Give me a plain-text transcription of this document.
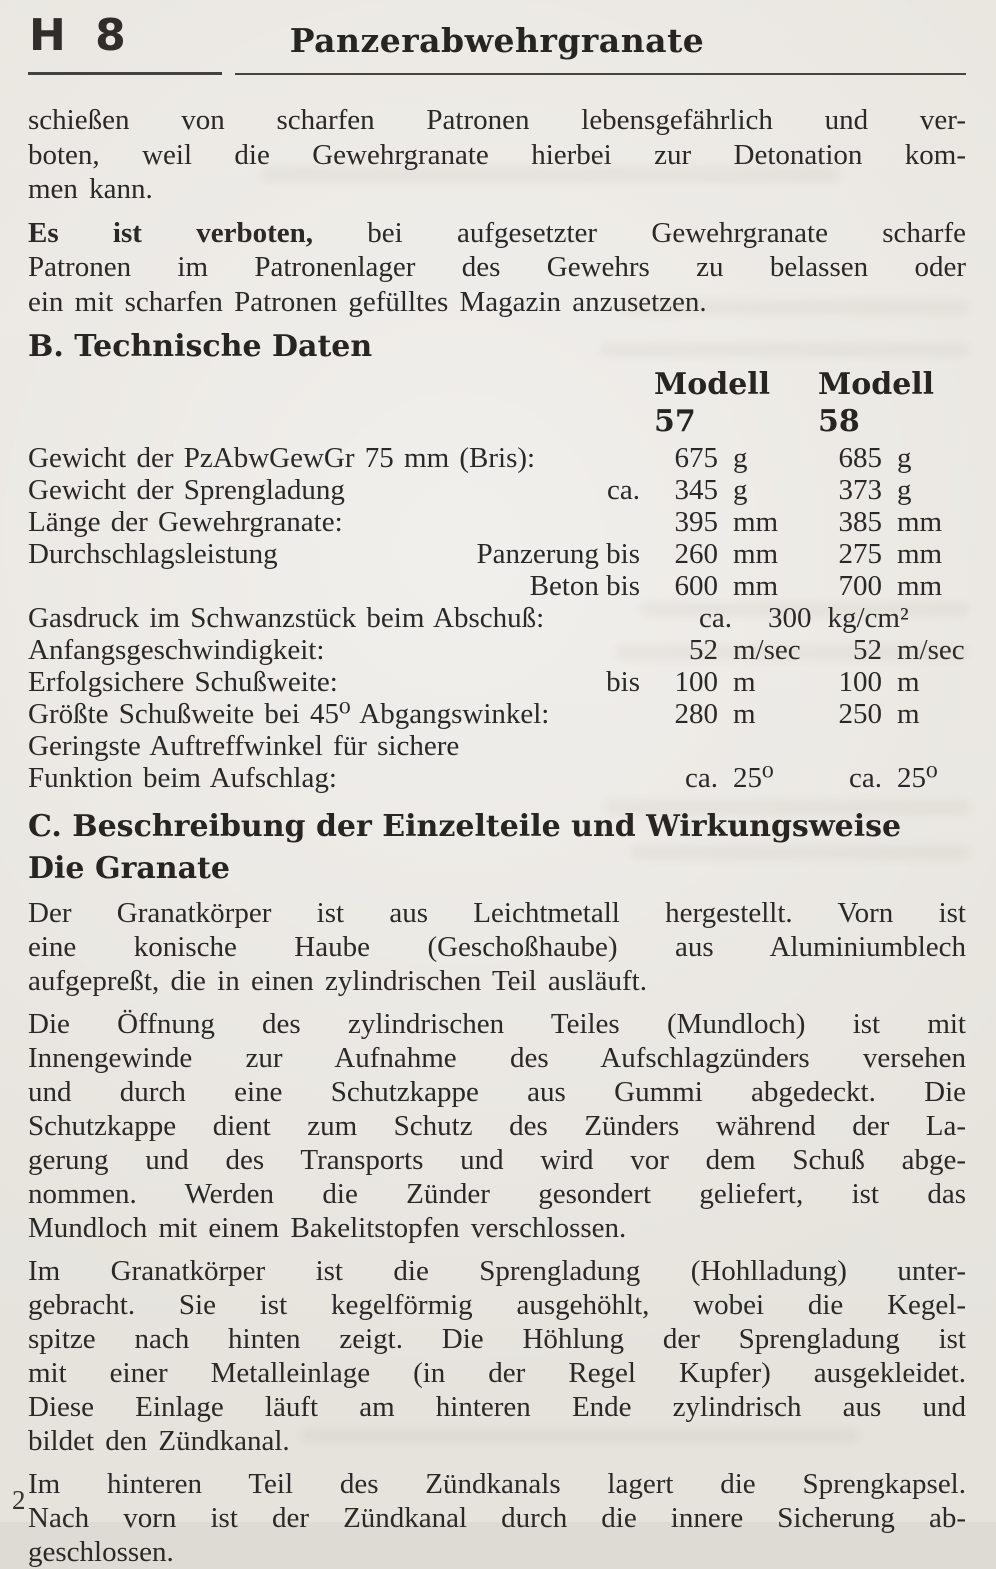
H 8	Panzerabwehrgranate

schießen von scharfen Patronen lebensgefährlich und ver-
boten, weil die Gewehrgranate hierbei zur Detonation kom-
men kann.

Es ist verboten, bei aufgesetzter Gewehrgranate scharfe
Patronen im Patronenlager des Gewehrs zu belassen oder
ein mit scharfen Patronen gefülltes Magazin anzusetzen.

B. Technische Daten
Modell 57
Modell 58
Gewicht der PzAbwGewGr 75 mm (Bris):	675 g	685 g
Gewicht der Sprengladung	ca.	345 g	373 g
Länge der Gewehrgranate:	395 mm	385 mm
Durchschlagsleistung	Panzerung bis	260 mm	275 mm
Beton bis	600 mm	700 mm
Gasdruck im Schwanzstück beim Abschuß:	ca. 300 kg/cm²
Anfangsgeschwindigkeit:	52 m/sec	52 m/sec
Erfolgsichere Schußweite:	bis	100 m	100 m
Größte Schußweite bei 45⁰ Abgangswinkel:	280 m	250 m
Geringste Auftreffwinkel für sichere
Funktion beim Aufschlag:	ca. 25⁰	ca. 25⁰
C. Beschreibung der Einzelteile und Wirkungsweise
Die Granate

Der Granatkörper ist aus Leichtmetall hergestellt. Vorn ist
eine konische Haube (Geschoßhaube) aus Aluminiumblech
aufgepreßt, die in einen zylindrischen Teil ausläuft.

Die Öffnung des zylindrischen Teiles (Mundloch) ist mit
Innengewinde zur Aufnahme des Aufschlagzünders versehen
und durch eine Schutzkappe aus Gummi abgedeckt. Die
Schutzkappe dient zum Schutz des Zünders während der La-
gerung und des Transports und wird vor dem Schuß abge-
nommen. Werden die Zünder gesondert geliefert, ist das
Mundloch mit einem Bakelitstopfen verschlossen.

Im Granatkörper ist die Sprengladung (Hohlladung) unter-
gebracht. Sie ist kegelförmig ausgehöhlt, wobei die Kegel-
spitze nach hinten zeigt. Die Höhlung der Sprengladung ist
mit einer Metalleinlage (in der Regel Kupfer) ausgekleidet.
Diese Einlage läuft am hinteren Ende zylindrisch aus und
bildet den Zündkanal.

Im hinteren Teil des Zündkanals lagert die Sprengkapsel.
Nach vorn ist der Zündkanal durch die innere Sicherung ab-
geschlossen.

2
